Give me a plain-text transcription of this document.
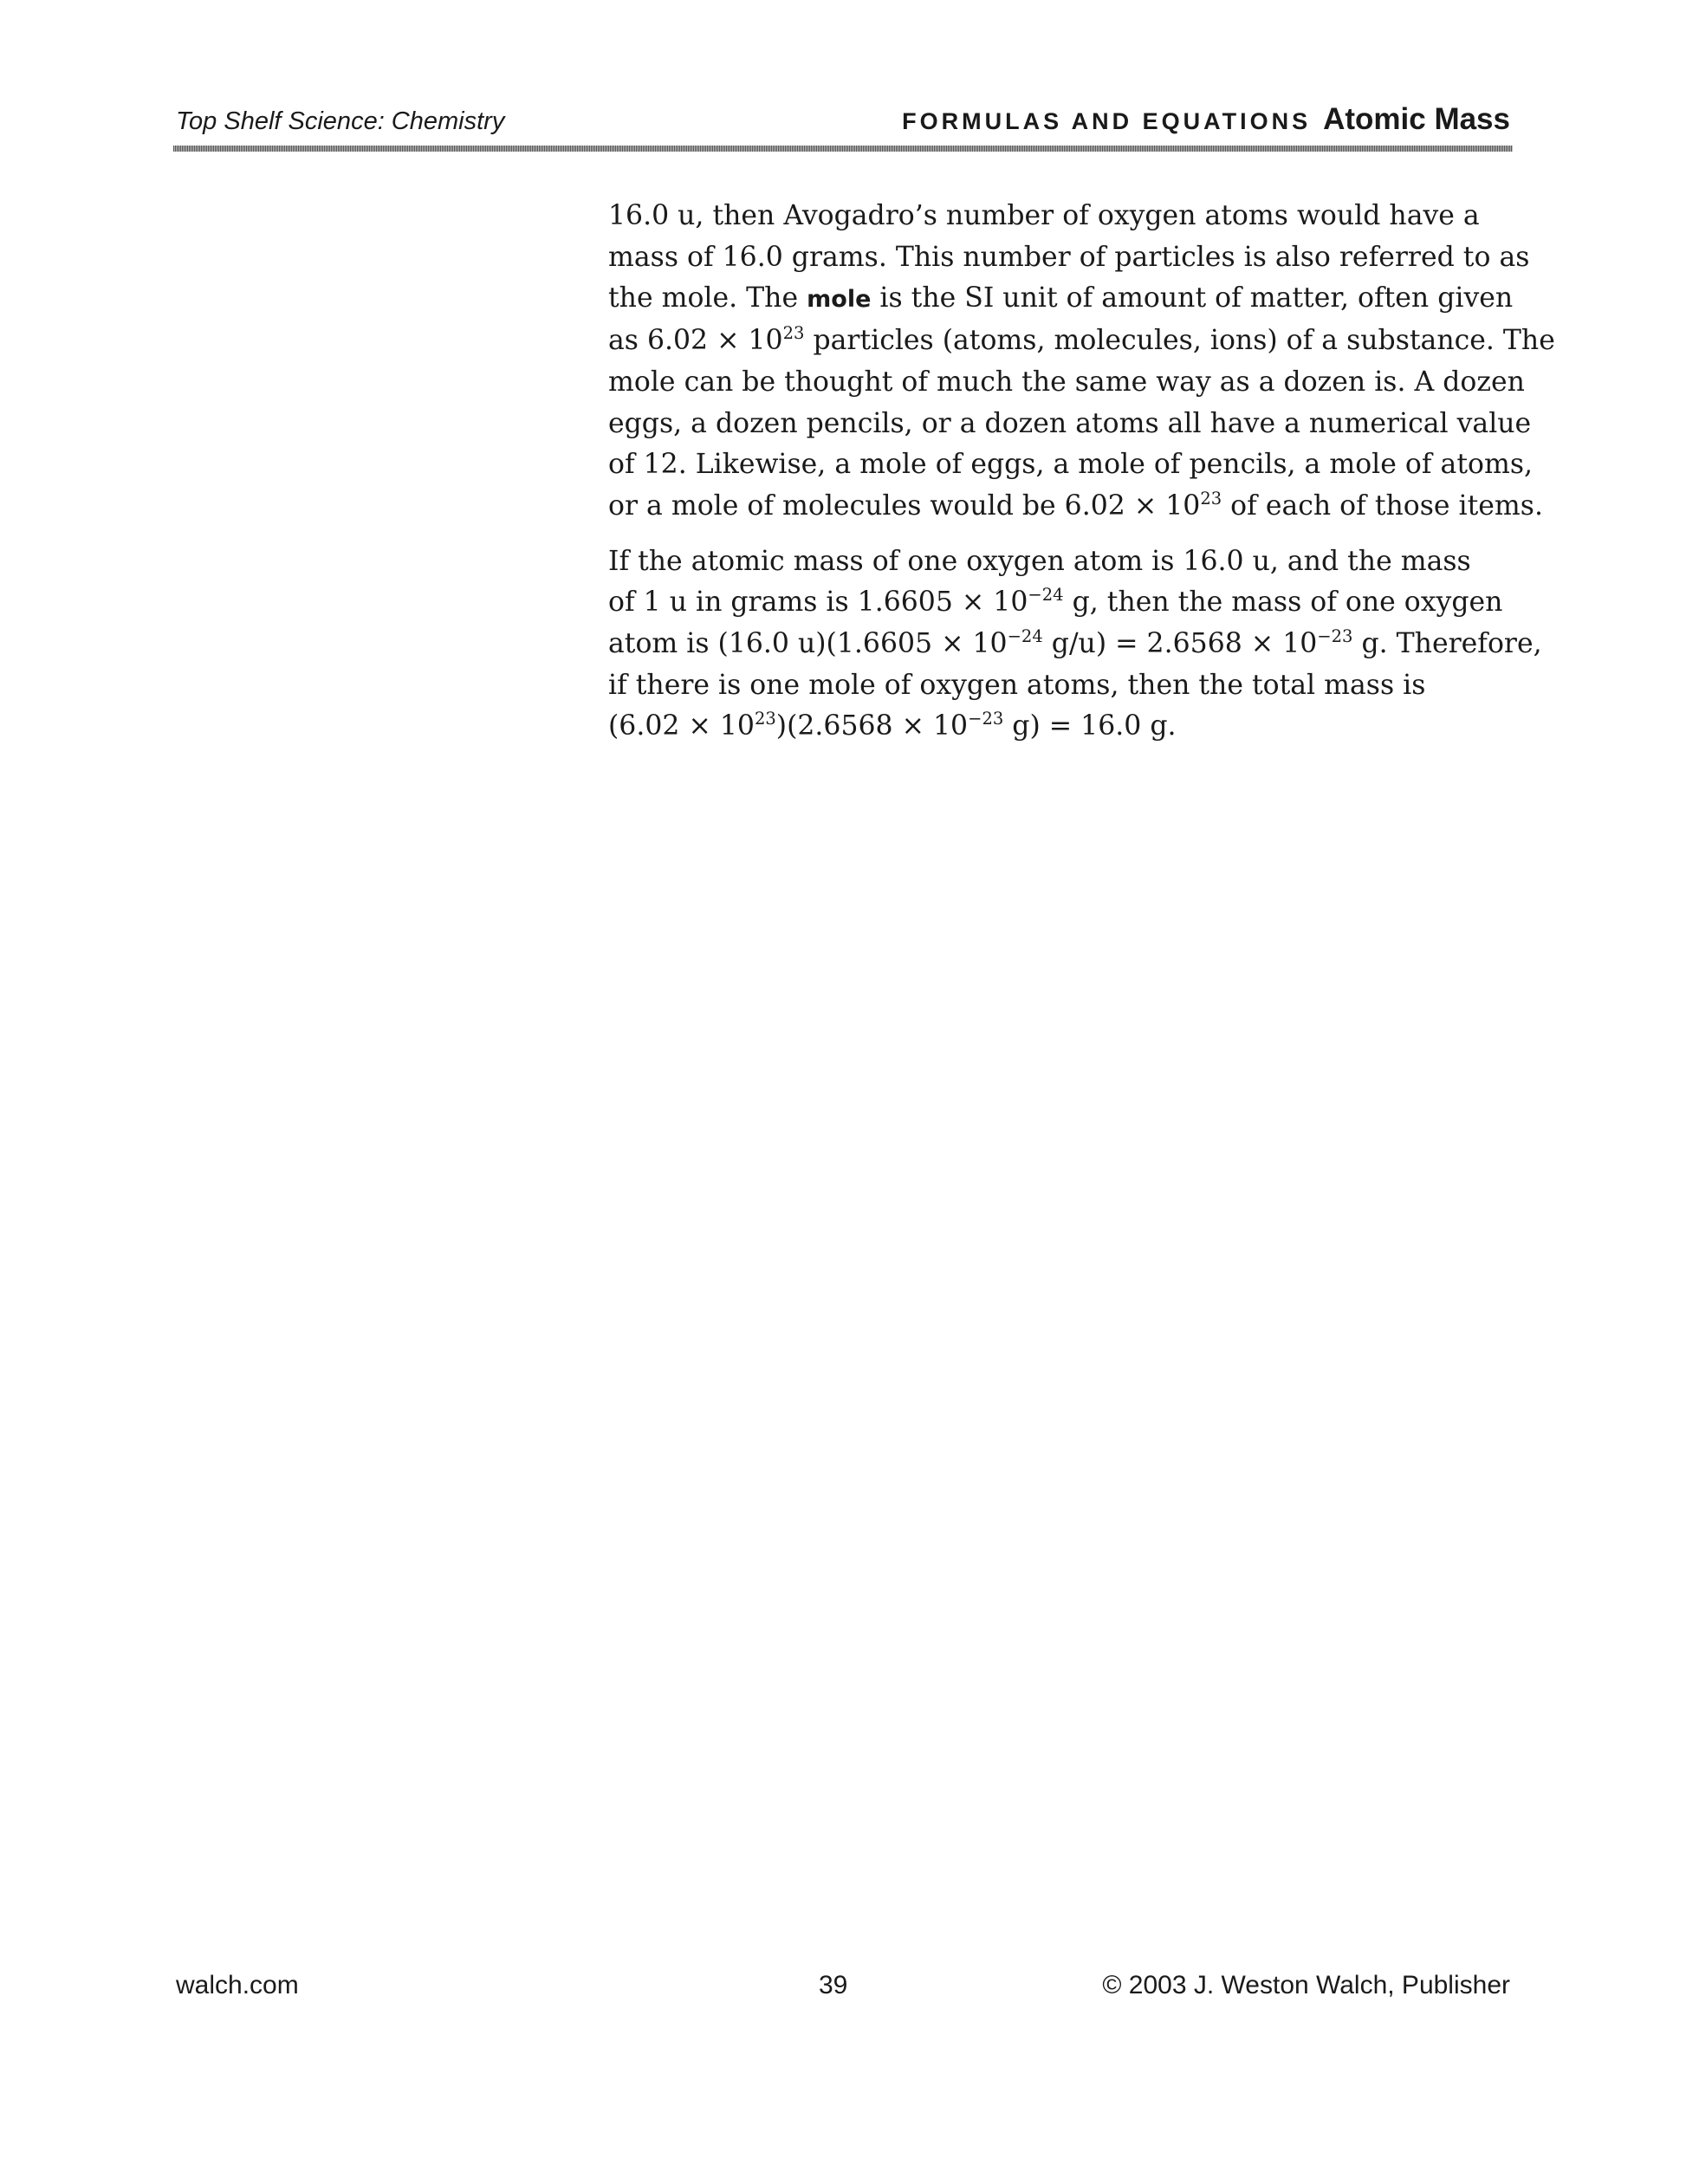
Top Shelf Science: Chemistry	FORMULAS AND EQUATIONS Atomic Mass

16.0 u, then Avogadro’s number of oxygen atoms would have a
mass of 16.0 grams. This number of particles is also referred to as
the mole. The mole is the SI unit of amount of matter, often given
as $6.02 \times 10^{23}$ particles (atoms, molecules, ions) of a substance. The
mole can be thought of much the same way as a dozen is. A dozen
eggs, a dozen pencils, or a dozen atoms all have a numerical value
of 12. Likewise, a mole of eggs, a mole of pencils, a mole of atoms,
or a mole of molecules would be $6.02 \times 10^{23}$ of each of those items.

If the atomic mass of one oxygen atom is 16.0 u, and the mass
of 1 u in grams is $1.6605 \times 10^{-24}$ g, then the mass of one oxygen
atom is (16.0 $u)(1.6605 \times 10^{-24}$ $g/u) = 2.6568 \times 10^{-23}$ g. Therefore,
if there is one mole of oxygen atoms, then the total mass is
$(6.02 \times 10^{23})(2.6568 \times 10^{-23}$ g) = 16.0 g.

walch.com	39	© 2003 J. Weston Walch, Publisher
